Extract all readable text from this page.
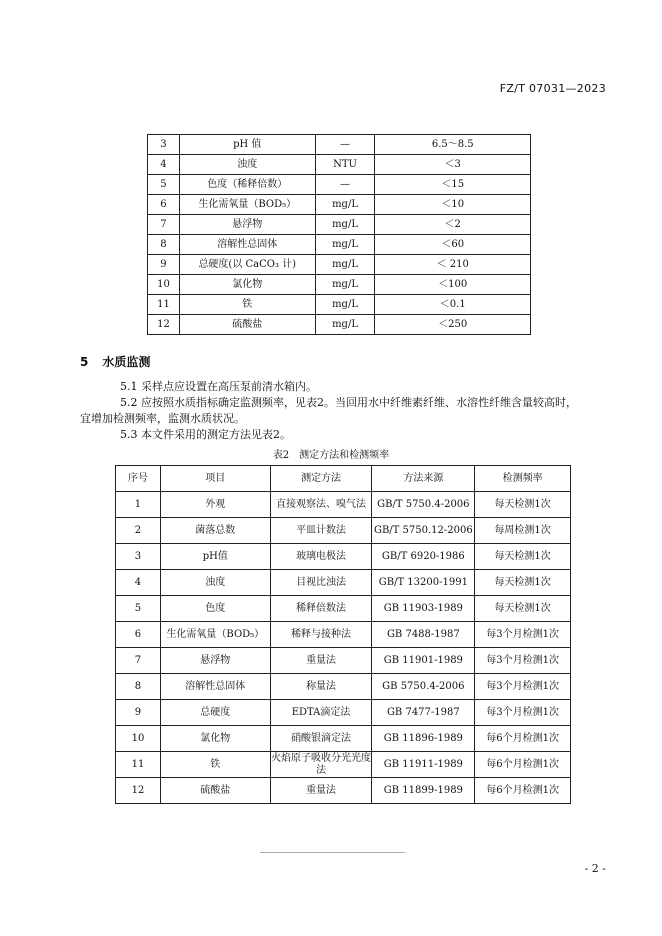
FZ/T 07031—2023
3	pH 值	—	6.5～8.5
4	浊度	NTU	＜3
5	色度（稀释倍数）	—	＜15
6	生化需氧量（BOD₅）	mg/L	＜10
7	悬浮物	mg/L	＜2
8	溶解性总固体	mg/L	＜60
9	总硬度(以 CaCO₃ 计)	mg/L	＜ 210
10	氯化物	mg/L	＜100
11	铁	mg/L	＜0.1
12	硫酸盐	mg/L	＜250
5 水质监测
5.1 采样点应设置在高压泵前清水箱内。
5.2 应按照水质指标确定监测频率，见表2。当回用水中纤维素纤维、水溶性纤维含量较高时，
宜增加检测频率，监测水质状况。
5.3 本文件采用的测定方法见表2。
表2　测定方法和检测频率
序号	项目	测定方法	方法来源	检测频率
1	外观	直接观察法、嗅气法	GB/T 5750.4-2006	每天检测1次
2	菌落总数	平皿计数法	GB/T 5750.12-2006	每周检测1次
3	pH值	玻璃电极法	GB/T 6920-1986	每天检测1次
4	浊度	目视比浊法	GB/T 13200-1991	每天检测1次
5	色度	稀释倍数法	GB 11903-1989	每天检测1次
6	生化需氧量（BOD₅）	稀释与接种法	GB 7488-1987	每3个月检测1次
7	悬浮物	重量法	GB 11901-1989	每3个月检测1次
8	溶解性总固体	称量法	GB 5750.4-2006	每3个月检测1次
9	总硬度	EDTA滴定法	GB 7477-1987	每3个月检测1次
10	氯化物	硝酸银滴定法	GB 11896-1989	每6个月检测1次
11	铁	火焰原子吸收分光光度法	GB 11911-1989	每6个月检测1次
12	硫酸盐	重量法	GB 11899-1989	每6个月检测1次
- 2 -
